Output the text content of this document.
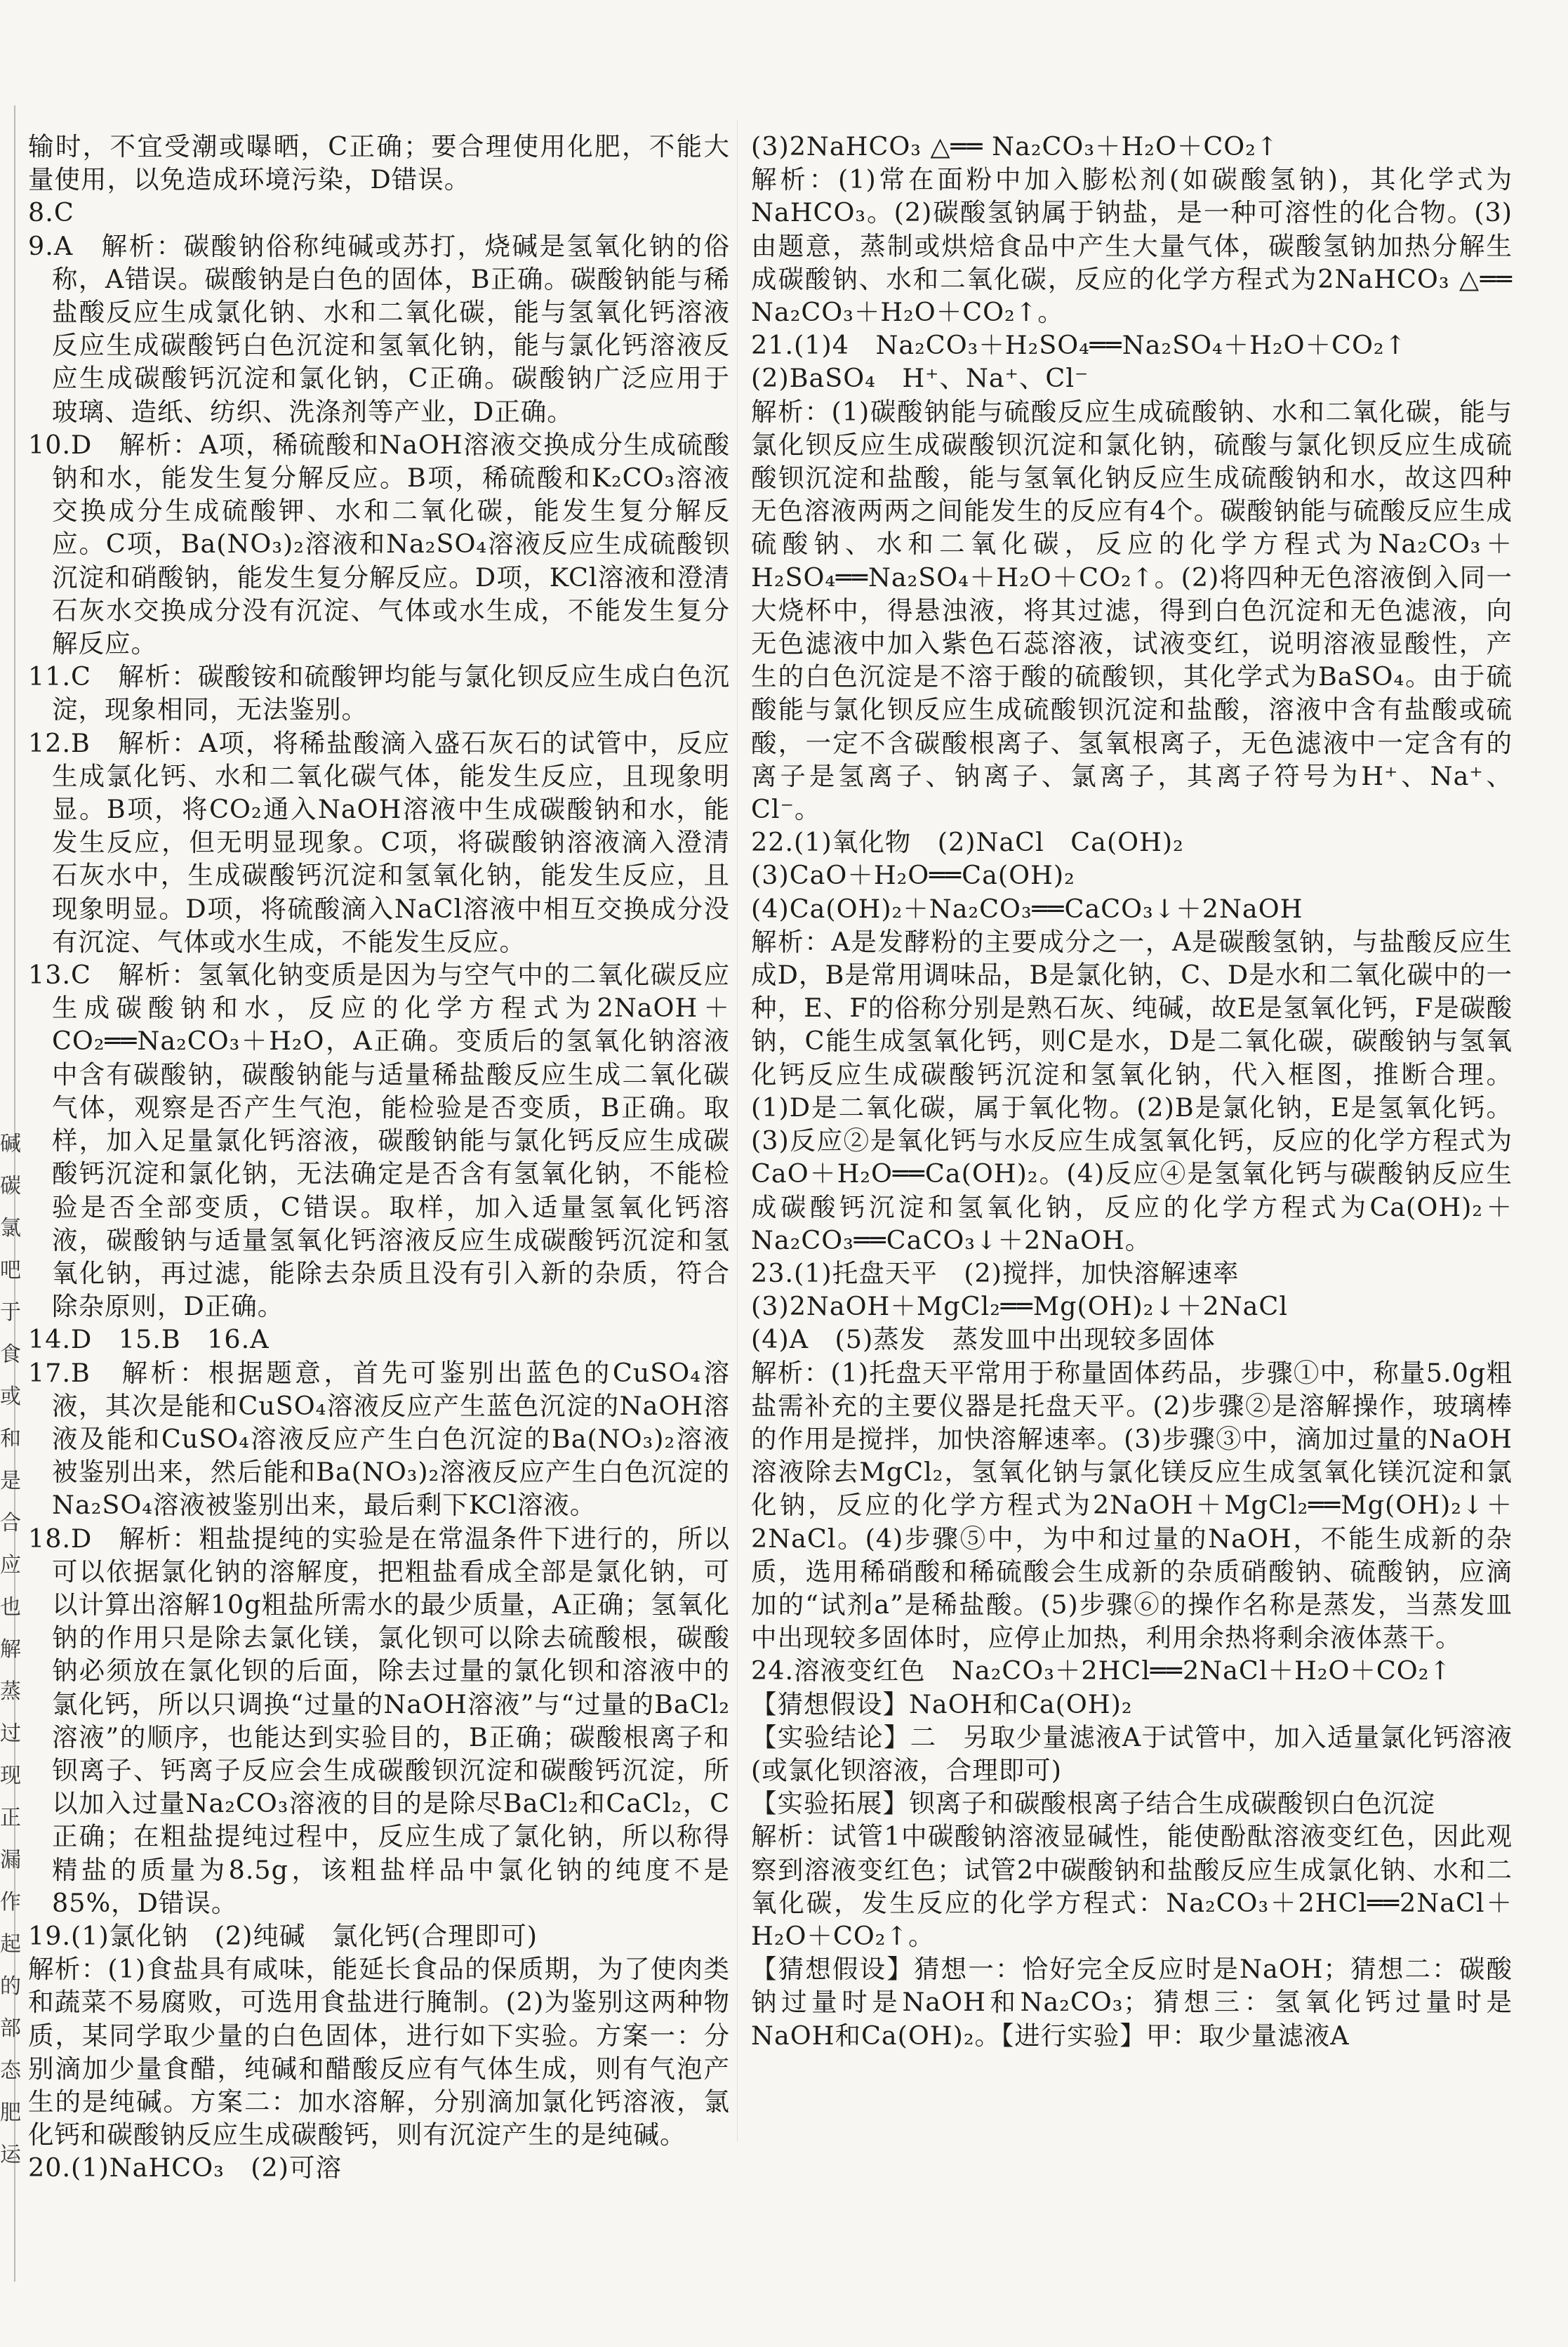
碱
碳
氯
吧
于
食
或
和
是
合
应
也
解
蒸
过
现
正
漏
作
起
的
部
态
肥
运

输时，不宜受潮或曝晒，C正确；要合理使用化肥，不能大量使用，以免造成环境污染，D错误。

8.C

9.A　解析：碳酸钠俗称纯碱或苏打，烧碱是氢氧化钠的俗称，A错误。碳酸钠是白色的固体，B正确。碳酸钠能与稀盐酸反应生成氯化钠、水和二氧化碳，能与氢氧化钙溶液反应生成碳酸钙白色沉淀和氢氧化钠，能与氯化钙溶液反应生成碳酸钙沉淀和氯化钠，C正确。碳酸钠广泛应用于玻璃、造纸、纺织、洗涤剂等产业，D正确。

10.D　解析：A项，稀硫酸和NaOH溶液交换成分生成硫酸钠和水，能发生复分解反应。B项，稀硫酸和K₂CO₃溶液交换成分生成硫酸钾、水和二氧化碳，能发生复分解反应。C项，Ba(NO₃)₂溶液和Na₂SO₄溶液反应生成硫酸钡沉淀和硝酸钠，能发生复分解反应。D项，KCl溶液和澄清石灰水交换成分没有沉淀、气体或水生成，不能发生复分解反应。

11.C　解析：碳酸铵和硫酸钾均能与氯化钡反应生成白色沉淀，现象相同，无法鉴别。

12.B　解析：A项，将稀盐酸滴入盛石灰石的试管中，反应生成氯化钙、水和二氧化碳气体，能发生反应，且现象明显。B项，将CO₂通入NaOH溶液中生成碳酸钠和水，能发生反应，但无明显现象。C项，将碳酸钠溶液滴入澄清石灰水中，生成碳酸钙沉淀和氢氧化钠，能发生反应，且现象明显。D项，将硫酸滴入NaCl溶液中相互交换成分没有沉淀、气体或水生成，不能发生反应。

13.C　解析：氢氧化钠变质是因为与空气中的二氧化碳反应生成碳酸钠和水，反应的化学方程式为2NaOH＋CO₂══Na₂CO₃＋H₂O，A正确。变质后的氢氧化钠溶液中含有碳酸钠，碳酸钠能与适量稀盐酸反应生成二氧化碳气体，观察是否产生气泡，能检验是否变质，B正确。取样，加入足量氯化钙溶液，碳酸钠能与氯化钙反应生成碳酸钙沉淀和氯化钠，无法确定是否含有氢氧化钠，不能检验是否全部变质，C错误。取样，加入适量氢氧化钙溶液，碳酸钠与适量氢氧化钙溶液反应生成碳酸钙沉淀和氢氧化钠，再过滤，能除去杂质且没有引入新的杂质，符合除杂原则，D正确。

14.D　15.B　16.A

17.B　解析：根据题意，首先可鉴别出蓝色的CuSO₄溶液，其次是能和CuSO₄溶液反应产生蓝色沉淀的NaOH溶液及能和CuSO₄溶液反应产生白色沉淀的Ba(NO₃)₂溶液被鉴别出来，然后能和Ba(NO₃)₂溶液反应产生白色沉淀的Na₂SO₄溶液被鉴别出来，最后剩下KCl溶液。

18.D　解析：粗盐提纯的实验是在常温条件下进行的，所以可以依据氯化钠的溶解度，把粗盐看成全部是氯化钠，可以计算出溶解10g粗盐所需水的最少质量，A正确；氢氧化钠的作用只是除去氯化镁，氯化钡可以除去硫酸根，碳酸钠必须放在氯化钡的后面，除去过量的氯化钡和溶液中的氯化钙，所以只调换“过量的NaOH溶液”与“过量的BaCl₂溶液”的顺序，也能达到实验目的，B正确；碳酸根离子和钡离子、钙离子反应会生成碳酸钡沉淀和碳酸钙沉淀，所以加入过量Na₂CO₃溶液的目的是除尽BaCl₂和CaCl₂，C正确；在粗盐提纯过程中，反应生成了氯化钠，所以称得精盐的质量为8.5g，该粗盐样品中氯化钠的纯度不是85%，D错误。

19.(1)氯化钠　(2)纯碱　氯化钙(合理即可)

解析：(1)食盐具有咸味，能延长食品的保质期，为了使肉类和蔬菜不易腐败，可选用食盐进行腌制。(2)为鉴别这两种物质，某同学取少量的白色固体，进行如下实验。方案一：分别滴加少量食醋，纯碱和醋酸反应有气体生成，则有气泡产生的是纯碱。方案二：加水溶解，分别滴加氯化钙溶液，氯化钙和碳酸钠反应生成碳酸钙，则有沉淀产生的是纯碱。

20.(1)NaHCO₃　(2)可溶

(3)2NaHCO₃ △══ Na₂CO₃＋H₂O＋CO₂↑

解析：(1)常在面粉中加入膨松剂(如碳酸氢钠)，其化学式为NaHCO₃。(2)碳酸氢钠属于钠盐，是一种可溶性的化合物。(3)由题意，蒸制或烘焙食品中产生大量气体，碳酸氢钠加热分解生成碳酸钠、水和二氧化碳，反应的化学方程式为2NaHCO₃ △══ Na₂CO₃＋H₂O＋CO₂↑。

21.(1)4　Na₂CO₃＋H₂SO₄══Na₂SO₄＋H₂O＋CO₂↑

(2)BaSO₄　H⁺、Na⁺、Cl⁻

解析：(1)碳酸钠能与硫酸反应生成硫酸钠、水和二氧化碳，能与氯化钡反应生成碳酸钡沉淀和氯化钠，硫酸与氯化钡反应生成硫酸钡沉淀和盐酸，能与氢氧化钠反应生成硫酸钠和水，故这四种无色溶液两两之间能发生的反应有4个。碳酸钠能与硫酸反应生成硫酸钠、水和二氧化碳，反应的化学方程式为Na₂CO₃＋H₂SO₄══Na₂SO₄＋H₂O＋CO₂↑。(2)将四种无色溶液倒入同一大烧杯中，得悬浊液，将其过滤，得到白色沉淀和无色滤液，向无色滤液中加入紫色石蕊溶液，试液变红，说明溶液显酸性，产生的白色沉淀是不溶于酸的硫酸钡，其化学式为BaSO₄。由于硫酸能与氯化钡反应生成硫酸钡沉淀和盐酸，溶液中含有盐酸或硫酸，一定不含碳酸根离子、氢氧根离子，无色滤液中一定含有的离子是氢离子、钠离子、氯离子，其离子符号为H⁺、Na⁺、Cl⁻。

22.(1)氧化物　(2)NaCl　Ca(OH)₂

(3)CaO＋H₂O══Ca(OH)₂

(4)Ca(OH)₂＋Na₂CO₃══CaCO₃↓＋2NaOH

解析：A是发酵粉的主要成分之一，A是碳酸氢钠，与盐酸反应生成D，B是常用调味品，B是氯化钠，C、D是水和二氧化碳中的一种，E、F的俗称分别是熟石灰、纯碱，故E是氢氧化钙，F是碳酸钠，C能生成氢氧化钙，则C是水，D是二氧化碳，碳酸钠与氢氧化钙反应生成碳酸钙沉淀和氢氧化钠，代入框图，推断合理。(1)D是二氧化碳，属于氧化物。(2)B是氯化钠，E是氢氧化钙。(3)反应②是氧化钙与水反应生成氢氧化钙，反应的化学方程式为CaO＋H₂O══Ca(OH)₂。(4)反应④是氢氧化钙与碳酸钠反应生成碳酸钙沉淀和氢氧化钠，反应的化学方程式为Ca(OH)₂＋Na₂CO₃══CaCO₃↓＋2NaOH。

23.(1)托盘天平　(2)搅拌，加快溶解速率

(3)2NaOH＋MgCl₂══Mg(OH)₂↓＋2NaCl

(4)A　(5)蒸发　蒸发皿中出现较多固体

解析：(1)托盘天平常用于称量固体药品，步骤①中，称量5.0g粗盐需补充的主要仪器是托盘天平。(2)步骤②是溶解操作，玻璃棒的作用是搅拌，加快溶解速率。(3)步骤③中，滴加过量的NaOH溶液除去MgCl₂，氢氧化钠与氯化镁反应生成氢氧化镁沉淀和氯化钠，反应的化学方程式为2NaOH＋MgCl₂══Mg(OH)₂↓＋2NaCl。(4)步骤⑤中，为中和过量的NaOH，不能生成新的杂质，选用稀硝酸和稀硫酸会生成新的杂质硝酸钠、硫酸钠，应滴加的“试剂a”是稀盐酸。(5)步骤⑥的操作名称是蒸发，当蒸发皿中出现较多固体时，应停止加热，利用余热将剩余液体蒸干。

24.溶液变红色　Na₂CO₃＋2HCl══2NaCl＋H₂O＋CO₂↑

【猜想假设】NaOH和Ca(OH)₂

【实验结论】二　另取少量滤液A于试管中，加入适量氯化钙溶液(或氯化钡溶液，合理即可)

【实验拓展】钡离子和碳酸根离子结合生成碳酸钡白色沉淀

解析：试管1中碳酸钠溶液显碱性，能使酚酞溶液变红色，因此观察到溶液变红色；试管2中碳酸钠和盐酸反应生成氯化钠、水和二氧化碳，发生反应的化学方程式：Na₂CO₃＋2HCl══2NaCl＋H₂O＋CO₂↑。

【猜想假设】猜想一：恰好完全反应时是NaOH；猜想二：碳酸钠过量时是NaOH和Na₂CO₃；猜想三：氢氧化钙过量时是NaOH和Ca(OH)₂。【进行实验】甲：取少量滤液A
